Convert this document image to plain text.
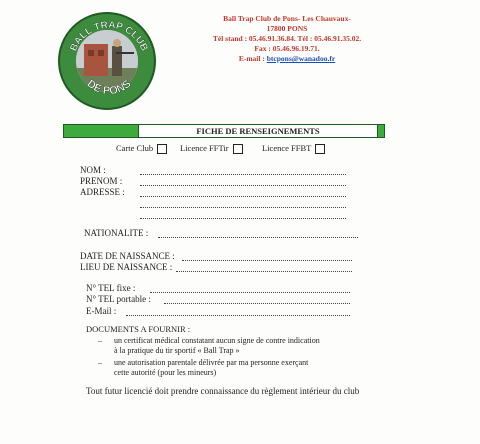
BALL TRAP CLUB
DE PONS
Ball Trap Club de Pons- Les Chauvaux-
17800 PONS
Tél stand : 05.46.91.36.84. Tél : 05.46.91.35.02.
Fax : 05.46.96.19.71.
E-mail : btcpons@wanadoo.fr
FICHE DE RENSEIGNEMENTS
Carte Club	Licence FFTir	Licence FFBT
NOM :
PRENOM :
ADRESSE :
NATIONALITE :
DATE DE NAISSANCE :
LIEU DE NAISSANCE :
N° TEL fixe :
N° TEL portable :
E-Mail :
DOCUMENTS A FOURNIR :
– un certificat médical constatant aucun signe de contre indication
à la pratique du tir sportif « Ball Trap »
– une autorisation parentale délivrée par ma personne exerçant
cette autorité (pour les mineurs)
Tout futur licencié doit prendre connaissance du règlement intérieur du club
